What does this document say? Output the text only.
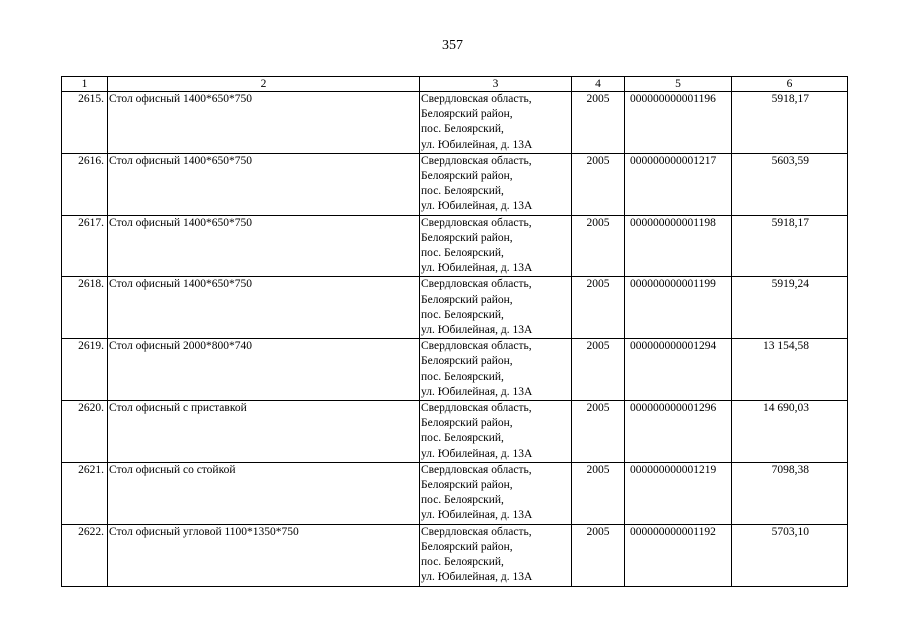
357
1	2	3	4	5	6
2615.	Стол офисный 1400*650*750	Свердловская область,
Белоярский район,
пос. Белоярский,
ул. Юбилейная, д. 13А	2005	000000000001196	5918,17
2616.	Стол офисный 1400*650*750	Свердловская область,
Белоярский район,
пос. Белоярский,
ул. Юбилейная, д. 13А	2005	000000000001217	5603,59
2617.	Стол офисный 1400*650*750	Свердловская область,
Белоярский район,
пос. Белоярский,
ул. Юбилейная, д. 13А	2005	000000000001198	5918,17
2618.	Стол офисный 1400*650*750	Свердловская область,
Белоярский район,
пос. Белоярский,
ул. Юбилейная, д. 13А	2005	000000000001199	5919,24
2619.	Стол офисный 2000*800*740	Свердловская область,
Белоярский район,
пос. Белоярский,
ул. Юбилейная, д. 13А	2005	000000000001294	13 154,58
2620.	Стол офисный с приставкой	Свердловская область,
Белоярский район,
пос. Белоярский,
ул. Юбилейная, д. 13А	2005	000000000001296	14 690,03
2621.	Стол офисный со стойкой	Свердловская область,
Белоярский район,
пос. Белоярский,
ул. Юбилейная, д. 13А	2005	000000000001219	7098,38
2622.	Стол офисный угловой 1100*1350*750	Свердловская область,
Белоярский район,
пос. Белоярский,
ул. Юбилейная, д. 13А	2005	000000000001192	5703,10
